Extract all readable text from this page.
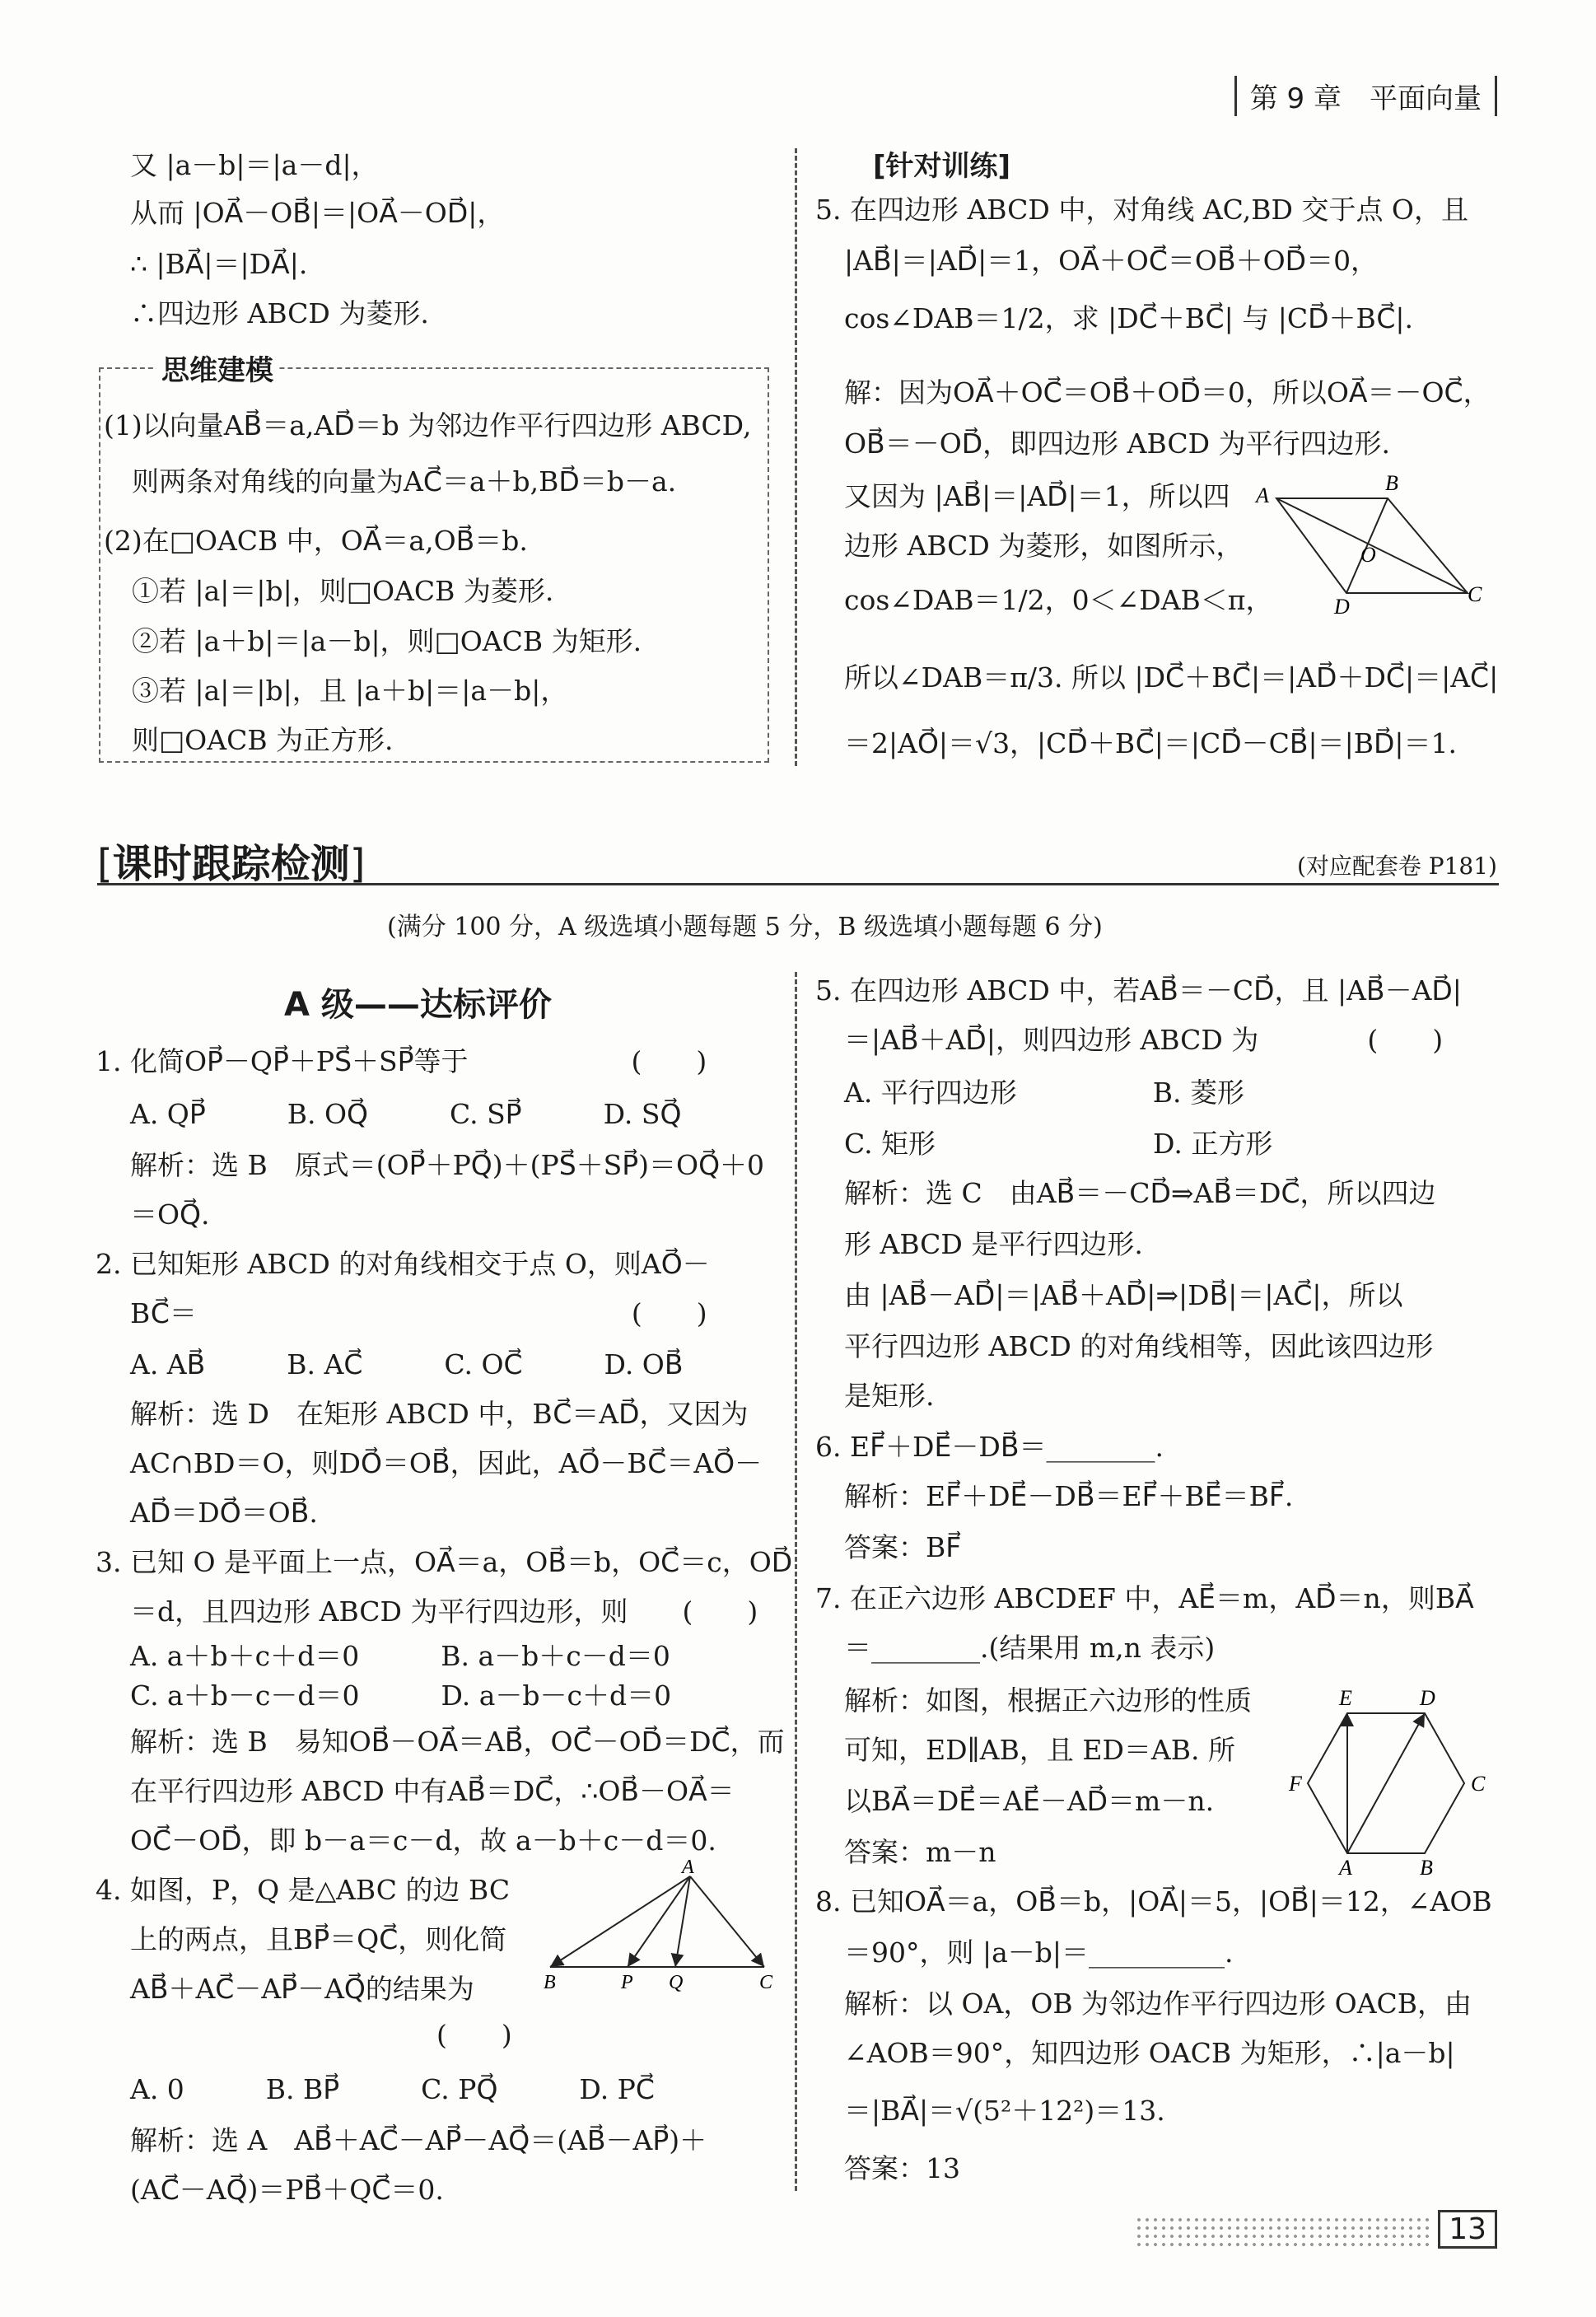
第 9 章　平面向量
又 |a－b|＝|a－d|，
从而 |OA⃗－OB⃗|＝|OA⃗－OD⃗|，
∴ |BA⃗|＝|DA⃗|.
∴四边形 ABCD 为菱形.
思维建模
(1)以向量AB⃗＝a,AD⃗＝b 为邻边作平行四边形 ABCD,
则两条对角线的向量为AC⃗＝a＋b,BD⃗＝b－a.
(2)在□OACB 中，OA⃗＝a,OB⃗＝b.
①若 |a|＝|b|，则□OACB 为菱形.
②若 |a＋b|＝|a－b|，则□OACB 为矩形.
③若 |a|＝|b|，且 |a＋b|＝|a－b|，
则□OACB 为正方形.
[针对训练]
5. 在四边形 ABCD 中，对角线 AC,BD 交于点 O，且
|AB⃗|＝|AD⃗|＝1，OA⃗＋OC⃗＝OB⃗＋OD⃗＝0，
cos∠DAB＝1/2，求 |DC⃗＋BC⃗| 与 |CD⃗＋BC⃗|.
解：因为OA⃗＋OC⃗＝OB⃗＋OD⃗＝0，所以OA⃗＝－OC⃗，
OB⃗＝－OD⃗，即四边形 ABCD 为平行四边形.
又因为 |AB⃗|＝|AD⃗|＝1，所以四
边形 ABCD 为菱形，如图所示，
cos∠DAB＝1/2，0＜∠DAB＜π，
所以∠DAB＝π/3. 所以 |DC⃗＋BC⃗|＝|AD⃗＋DC⃗|＝|AC⃗|
＝2|AO⃗|＝√3，|CD⃗＋BC⃗|＝|CD⃗－CB⃗|＝|BD⃗|＝1.
A
B
O
D
C
[课时跟踪检测]	(对应配套卷 P181)
(满分 100 分，A 级选填小题每题 5 分，B 级选填小题每题 6 分)
A 级——达标评价
1. 化简OP⃗－QP⃗＋PS⃗＋SP⃗等于　　　　　　(　　)
A. QP⃗　　　B. OQ⃗　　　C. SP⃗　　　D. SQ⃗
解析：选 B　原式＝(OP⃗＋PQ⃗)＋(PS⃗＋SP⃗)＝OQ⃗＋0
＝OQ⃗.
2. 已知矩形 ABCD 的对角线相交于点 O，则AO⃗－
BC⃗＝　　　　　　　　　　　　　　　　(　　)
A. AB⃗　　　B. AC⃗　　　C. OC⃗　　　D. OB⃗
解析：选 D　在矩形 ABCD 中，BC⃗＝AD⃗，又因为
AC∩BD＝O，则DO⃗＝OB⃗，因此，AO⃗－BC⃗＝AO⃗－
AD⃗＝DO⃗＝OB⃗.
3. 已知 O 是平面上一点，OA⃗＝a，OB⃗＝b，OC⃗＝c，OD⃗
＝d，且四边形 ABCD 为平行四边形，则　　(　　)
A. a＋b＋c＋d＝0　　　B. a－b＋c－d＝0
C. a＋b－c－d＝0　　　D. a－b－c＋d＝0
解析：选 B　易知OB⃗－OA⃗＝AB⃗，OC⃗－OD⃗＝DC⃗，而
在平行四边形 ABCD 中有AB⃗＝DC⃗，∴OB⃗－OA⃗＝
OC⃗－OD⃗，即 b－a＝c－d，故 a－b＋c－d＝0.
4. 如图，P，Q 是△ABC 的边 BC
上的两点，且BP⃗＝QC⃗，则化简
AB⃗＋AC⃗－AP⃗－AQ⃗的结果为
(　　)
A. 0　　　B. BP⃗　　　C. PQ⃗　　　D. PC⃗
解析：选 A　AB⃗＋AC⃗－AP⃗－AQ⃗＝(AB⃗－AP⃗)＋
(AC⃗－AQ⃗)＝PB⃗＋QC⃗＝0.
A
B	P Q	C
5. 在四边形 ABCD 中，若AB⃗＝－CD⃗，且 |AB⃗－AD⃗|
＝|AB⃗＋AD⃗|，则四边形 ABCD 为　　　　(　　)
A. 平行四边形　　　　　B. 菱形
C. 矩形　　　　　　　　D. 正方形
解析：选 C　由AB⃗＝－CD⃗⇒AB⃗＝DC⃗，所以四边
形 ABCD 是平行四边形.
由 |AB⃗－AD⃗|＝|AB⃗＋AD⃗|⇒|DB⃗|＝|AC⃗|，所以
平行四边形 ABCD 的对角线相等，因此该四边形
是矩形.
6. EF⃗＋DE⃗－DB⃗＝________.
解析：EF⃗＋DE⃗－DB⃗＝EF⃗＋BE⃗＝BF⃗.
答案：BF⃗
7. 在正六边形 ABCDEF 中，AE⃗＝m，AD⃗＝n，则BA⃗
＝________.(结果用 m,n 表示)
解析：如图，根据正六边形的性质
可知，ED∥AB，且 ED＝AB. 所
以BA⃗＝DE⃗＝AE⃗－AD⃗＝m－n.
答案：m－n
8. 已知OA⃗＝a，OB⃗＝b，|OA⃗|＝5，|OB⃗|＝12，∠AOB
＝90°，则 |a－b|＝__________.
解析：以 OA，OB 为邻边作平行四边形 OACB，由
∠AOB＝90°，知四边形 OACB 为矩形，∴|a－b|
＝|BA⃗|＝√(5²＋12²)＝13.
答案：13
E	D
F	C
A	B
13
